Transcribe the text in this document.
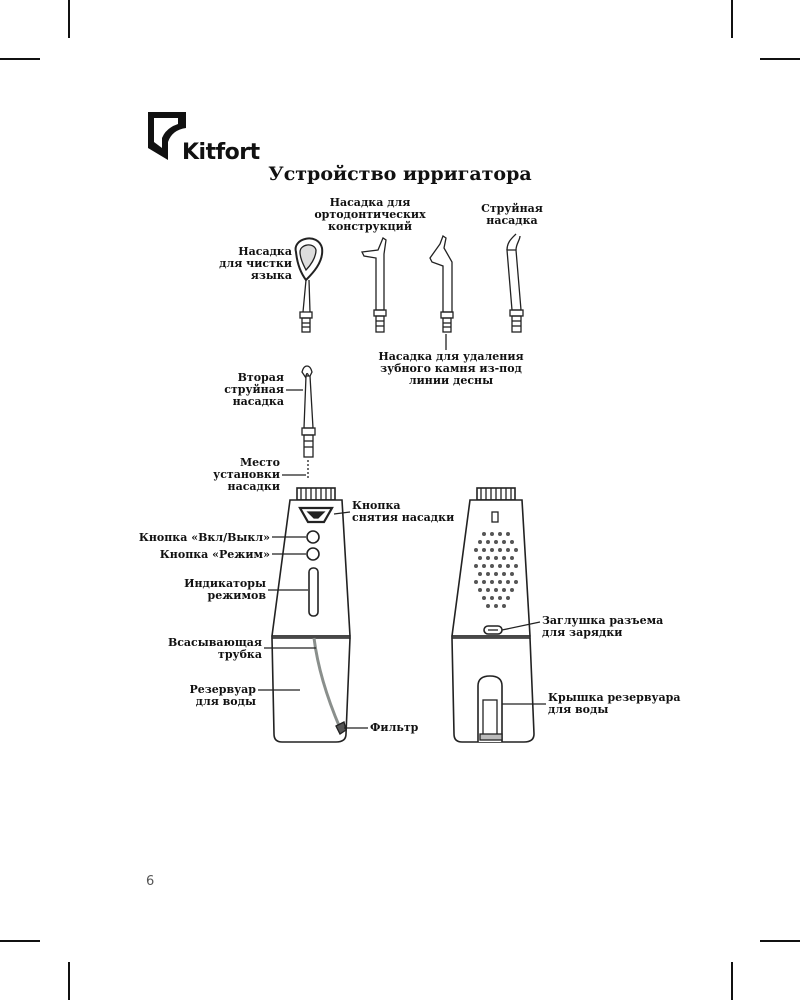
Kitfort
Устройство ирригатора
Насадка
для чистки
языка
Насадка для
ортодонтических
конструкций
Струйная
насадка
Насадка для удаления
зубного камня из-под
линии десны
Вторая
струйная
насадка
Место
установки
насадки
Кнопка
снятия насадки
Кнопка «Вкл/Выкл»
Кнопка «Режим»
Индикаторы
режимов
Всасывающая
трубка
Резервуар
для воды
Фильтр
Заглушка разъема
для зарядки
Крышка резервуара
для воды
6
